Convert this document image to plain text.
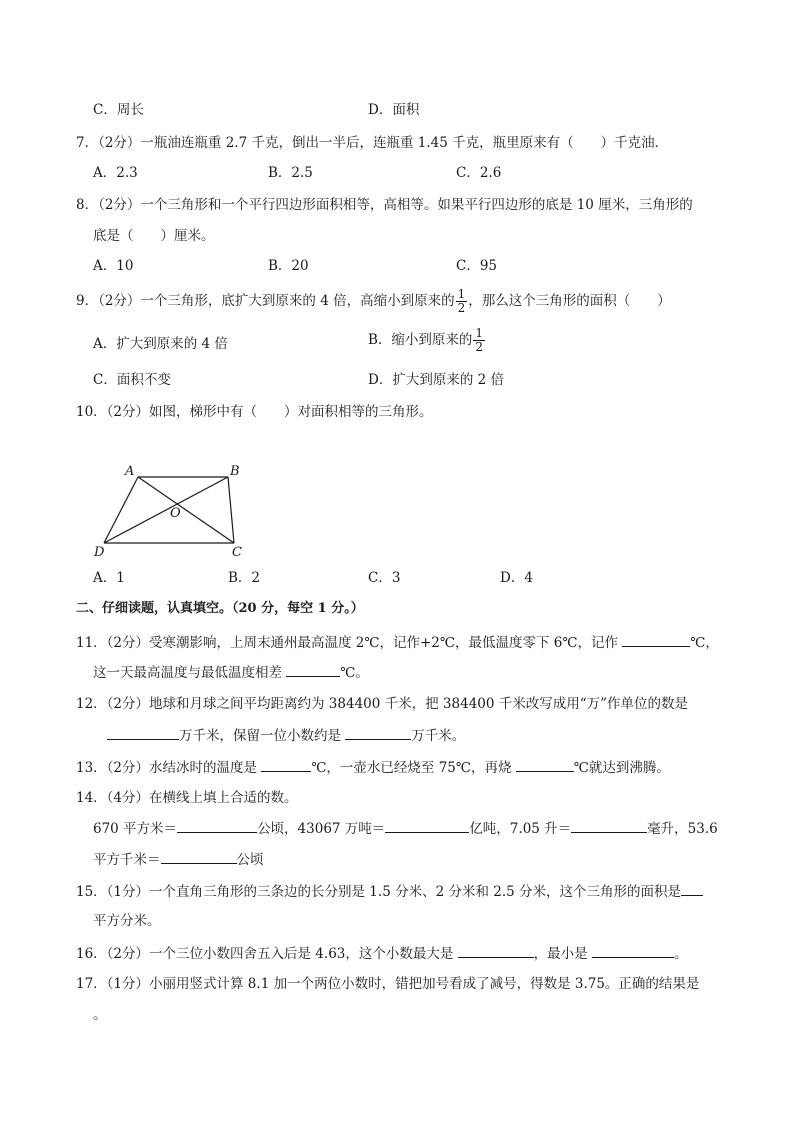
C．周长	D．面积
7．（2分）一瓶油连瓶重 2.7 千克，倒出一半后，连瓶重 1.45 千克，瓶里原来有（　　）千克油．
A．2.3	B．2.5	C．2.6
8．（2分）一个三角形和一个平行四边形面积相等，高相等。如果平行四边形的底是 10 厘米，三角形的
底是（　　）厘米。
A．10	B．20	C．95
9．（2分）一个三角形，底扩大到原来的 4 倍，高缩小到原来的 $\frac{1}{2}$ ，那么这个三角形的面积（　　）
A．扩大到原来的 4 倍	B．缩小到原来的 $\frac{1}{2}$
C．面积不变	D．扩大到原来的 2 倍
10．（2分）如图，梯形中有（　　）对面积相等的三角形。
A	B
C
D
O
A．1	B．2	C．3	D．4
二、仔细读题，认真填空。（20 分，每空 1 分。）
11．（2分）受寒潮影响，上周末通州最高温度 2℃，记作+2℃，最低温度零下 6℃，记作	℃，
这一天最高温度与最低温度相差	℃。
12．（2分）地球和月球之间平均距离约为 384400 千米，把 384400 千米改写成用“万”作单位的数是
万千米，保留一位小数约是	万千米。
13．（2分）水结冰时的温度是	℃，一壶水已经烧至 75℃，再烧	℃就达到沸腾。
14．（4分）在横线上填上合适的数。
670 平方米＝	公顷，43067 万吨＝	亿吨，7.05 升＝	毫升，53.6
平方千米＝	公顷
15．（1分）一个直角三角形的三条边的长分别是 1.5 分米、2 分米和 2.5 分米，这个三角形的面积是
平方分米。
16．（2分）一个三位小数四舍五入后是 4.63，这个小数最大是	，最小是	。
17．（1分）小丽用竖式计算 8.1 加一个两位小数时，错把加号看成了减号，得数是 3.75。正确的结果是
。
